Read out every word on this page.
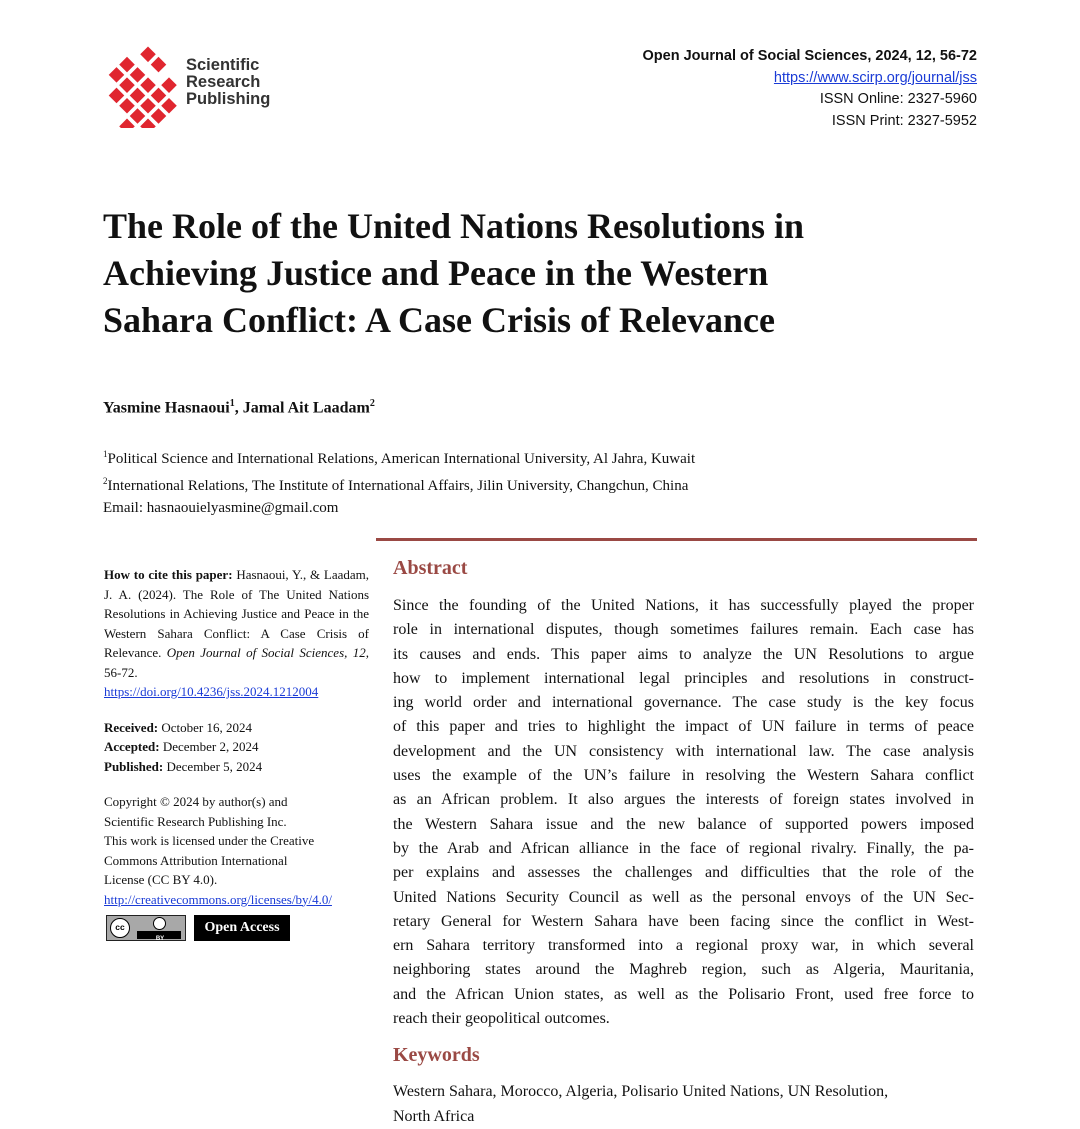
Scientific
Research
Publishing
Open Journal of Social Sciences, 2024, 12, 56-72
https://www.scirp.org/journal/jss
ISSN Online: 2327-5960
ISSN Print: 2327-5952
The Role of the United Nations Resolutions in
Achieving Justice and Peace in the Western
Sahara Conflict: A Case Crisis of Relevance
Yasmine Hasnaoui$^1$, Jamal Ait Laadam$^2$
$^1$Political Science and International Relations, American International University, Al Jahra, Kuwait
$^2$International Relations, The Institute of International Affairs, Jilin University, Changchun, China
Email: hasnaouielyasmine@gmail.com

How to cite this paper: Hasnaoui, Y., & Laadam, J. A. (2024). The Role of The United Nations Resolutions in Achieving Justice and Peace in the Western Sahara Conflict: A Case Crisis of Relevance. Open Journal of Social Sciences, 12, 56-72.
https://doi.org/10.4236/jss.2024.1212004

Received: October 16, 2024
Accepted: December 2, 2024
Published: December 5, 2024
Copyright © 2024 by author(s) and
Scientific Research Publishing Inc.
This work is licensed under the Creative
Commons Attribution International
License (CC BY 4.0).
http://creativecommons.org/licenses/by/4.0/
cc
BY
Open Access
Abstract
Since the founding of the United Nations, it has successfully played the proper
role in international disputes, though sometimes failures remain. Each case has
its causes and ends. This paper aims to analyze the UN Resolutions to argue
how to implement international legal principles and resolutions in construct-
ing world order and international governance. The case study is the key focus
of this paper and tries to highlight the impact of UN failure in terms of peace
development and the UN consistency with international law. The case analysis
uses the example of the UN’s failure in resolving the Western Sahara conflict
as an African problem. It also argues the interests of foreign states involved in
the Western Sahara issue and the new balance of supported powers imposed
by the Arab and African alliance in the face of regional rivalry. Finally, the pa-
per explains and assesses the challenges and difficulties that the role of the
United Nations Security Council as well as the personal envoys of the UN Sec-
retary General for Western Sahara have been facing since the conflict in West-
ern Sahara territory transformed into a regional proxy war, in which several
neighboring states around the Maghreb region, such as Algeria, Mauritania,
and the African Union states, as well as the Polisario Front, used free force to
reach their geopolitical outcomes.
Keywords
Western Sahara, Morocco, Algeria, Polisario United Nations, UN Resolution,
North Africa
